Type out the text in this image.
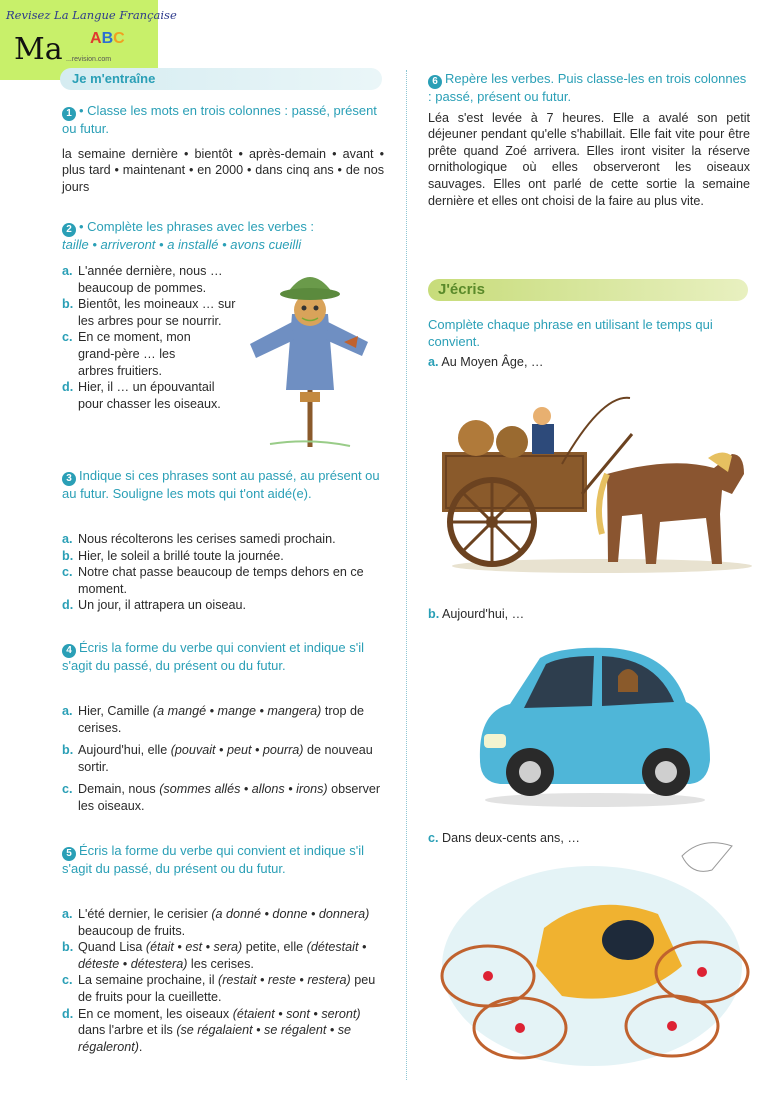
Revisez La Langue Française
Ma ABC
...revision.com
Je m'entraîne

1 • Classe les mots en trois colonnes : passé, présent ou futur.

la semaine dernière • bientôt • après-demain • avant • plus tard • maintenant • en 2000 • dans cinq ans • de nos jours

2 • Complète les phrases avec les verbes :

taille • arriveront • a installé • avons cueilli

a. L'année dernière, nous … beaucoup de pommes.
b. Bientôt, les moineaux … sur les arbres pour se nourrir.
c. En ce moment, mon grand-père … les arbres fruitiers.
d. Hier, il … un épouvantail pour chasser les oiseaux.

3 Indique si ces phrases sont au passé, au présent ou au futur. Souligne les mots qui t'ont aidé(e).

a. Nous récolterons les cerises samedi prochain.
b. Hier, le soleil a brillé toute la journée.
c. Notre chat passe beaucoup de temps dehors en ce moment.
d. Un jour, il attrapera un oiseau.

4 Écris la forme du verbe qui convient et indique s'il s'agit du passé, du présent ou du futur.

a. Hier, Camille (a mangé • mange • mangera) trop de cerises.
b. Aujourd'hui, elle (pouvait • peut • pourra) de nouveau sortir.
c. Demain, nous (sommes allés • allons • irons) observer les oiseaux.

5 Écris la forme du verbe qui convient et indique s'il s'agit du passé, du présent ou du futur.

a. L'été dernier, le cerisier (a donné • donne • donnera) beaucoup de fruits.
b. Quand Lisa (était • est • sera) petite, elle (détestait • déteste • détestera) les cerises.
c. La semaine prochaine, il (restait • reste • restera) peu de fruits pour la cueillette.
d. En ce moment, les oiseaux (étaient • sont • seront) dans l'arbre et ils (se régalaient • se régalent • se régaleront).

6 Repère les verbes. Puis classe-les en trois colonnes : passé, présent ou futur.

Léa s'est levée à 7 heures. Elle a avalé son petit déjeuner pendant qu'elle s'habillait. Elle fait vite pour être prête quand Zoé arrivera. Elles iront visiter la réserve ornithologique où elles observeront les oiseaux sauvages. Elles ont parlé de cette sortie la semaine dernière et elles ont choisi de la faire au plus vite.

J'écris

Complète chaque phrase en utilisant le temps qui convient.

a. Au Moyen Âge, …

b. Aujourd'hui, …
c. Dans deux-cents ans, …
